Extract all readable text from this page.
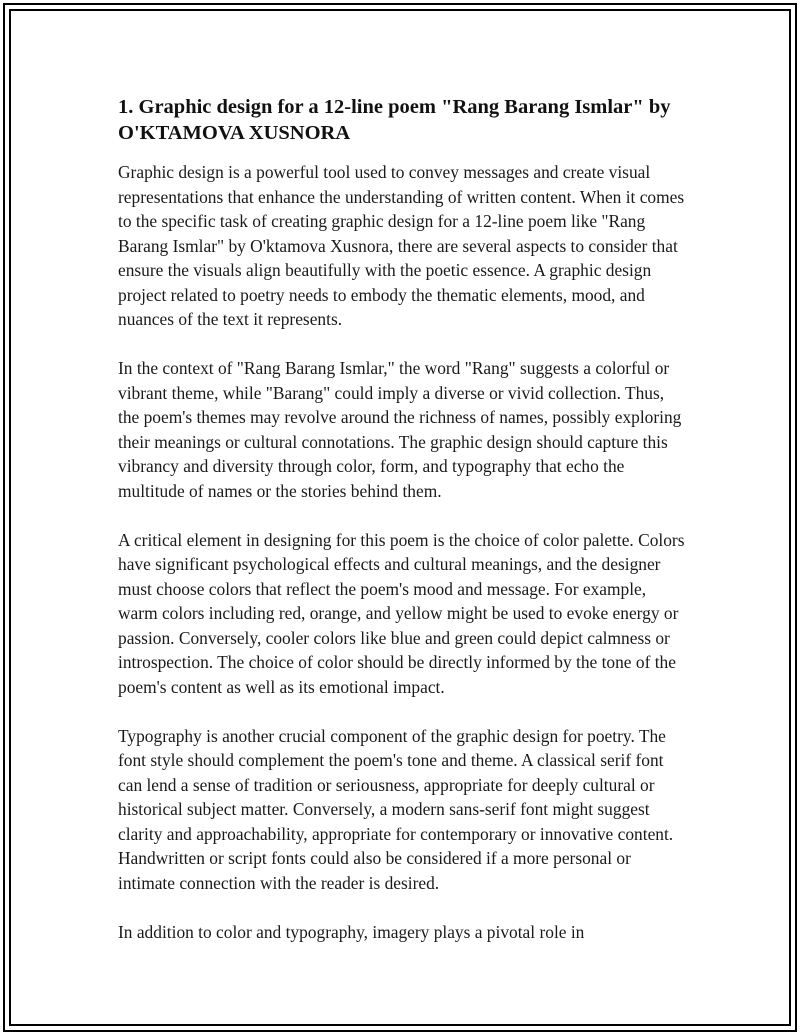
1. Graphic design for a 12-line poem "Rang Barang Ismlar" by O'KTAMOVA XUSNORA

Graphic design is a powerful tool used to convey messages and create visual representations that enhance the understanding of written content. When it comes to the specific task of creating graphic design for a 12-line poem like "Rang Barang Ismlar" by O'ktamova Xusnora, there are several aspects to consider that ensure the visuals align beautifully with the poetic essence. A graphic design project related to poetry needs to embody the thematic elements, mood, and nuances of the text it represents.

In the context of "Rang Barang Ismlar," the word "Rang" suggests a colorful or vibrant theme, while "Barang" could imply a diverse or vivid collection. Thus, the poem's themes may revolve around the richness of names, possibly exploring their meanings or cultural connotations. The graphic design should capture this vibrancy and diversity through color, form, and typography that echo the multitude of names or the stories behind them.

A critical element in designing for this poem is the choice of color palette. Colors have significant psychological effects and cultural meanings, and the designer must choose colors that reflect the poem's mood and message. For example, warm colors including red, orange, and yellow might be used to evoke energy or passion. Conversely, cooler colors like blue and green could depict calmness or introspection. The choice of color should be directly informed by the tone of the poem's content as well as its emotional impact.

Typography is another crucial component of the graphic design for poetry. The font style should complement the poem's tone and theme. A classical serif font can lend a sense of tradition or seriousness, appropriate for deeply cultural or historical subject matter. Conversely, a modern sans-serif font might suggest clarity and approachability, appropriate for contemporary or innovative content. Handwritten or script fonts could also be considered if a more personal or intimate connection with the reader is desired.

In addition to color and typography, imagery plays a pivotal role in
